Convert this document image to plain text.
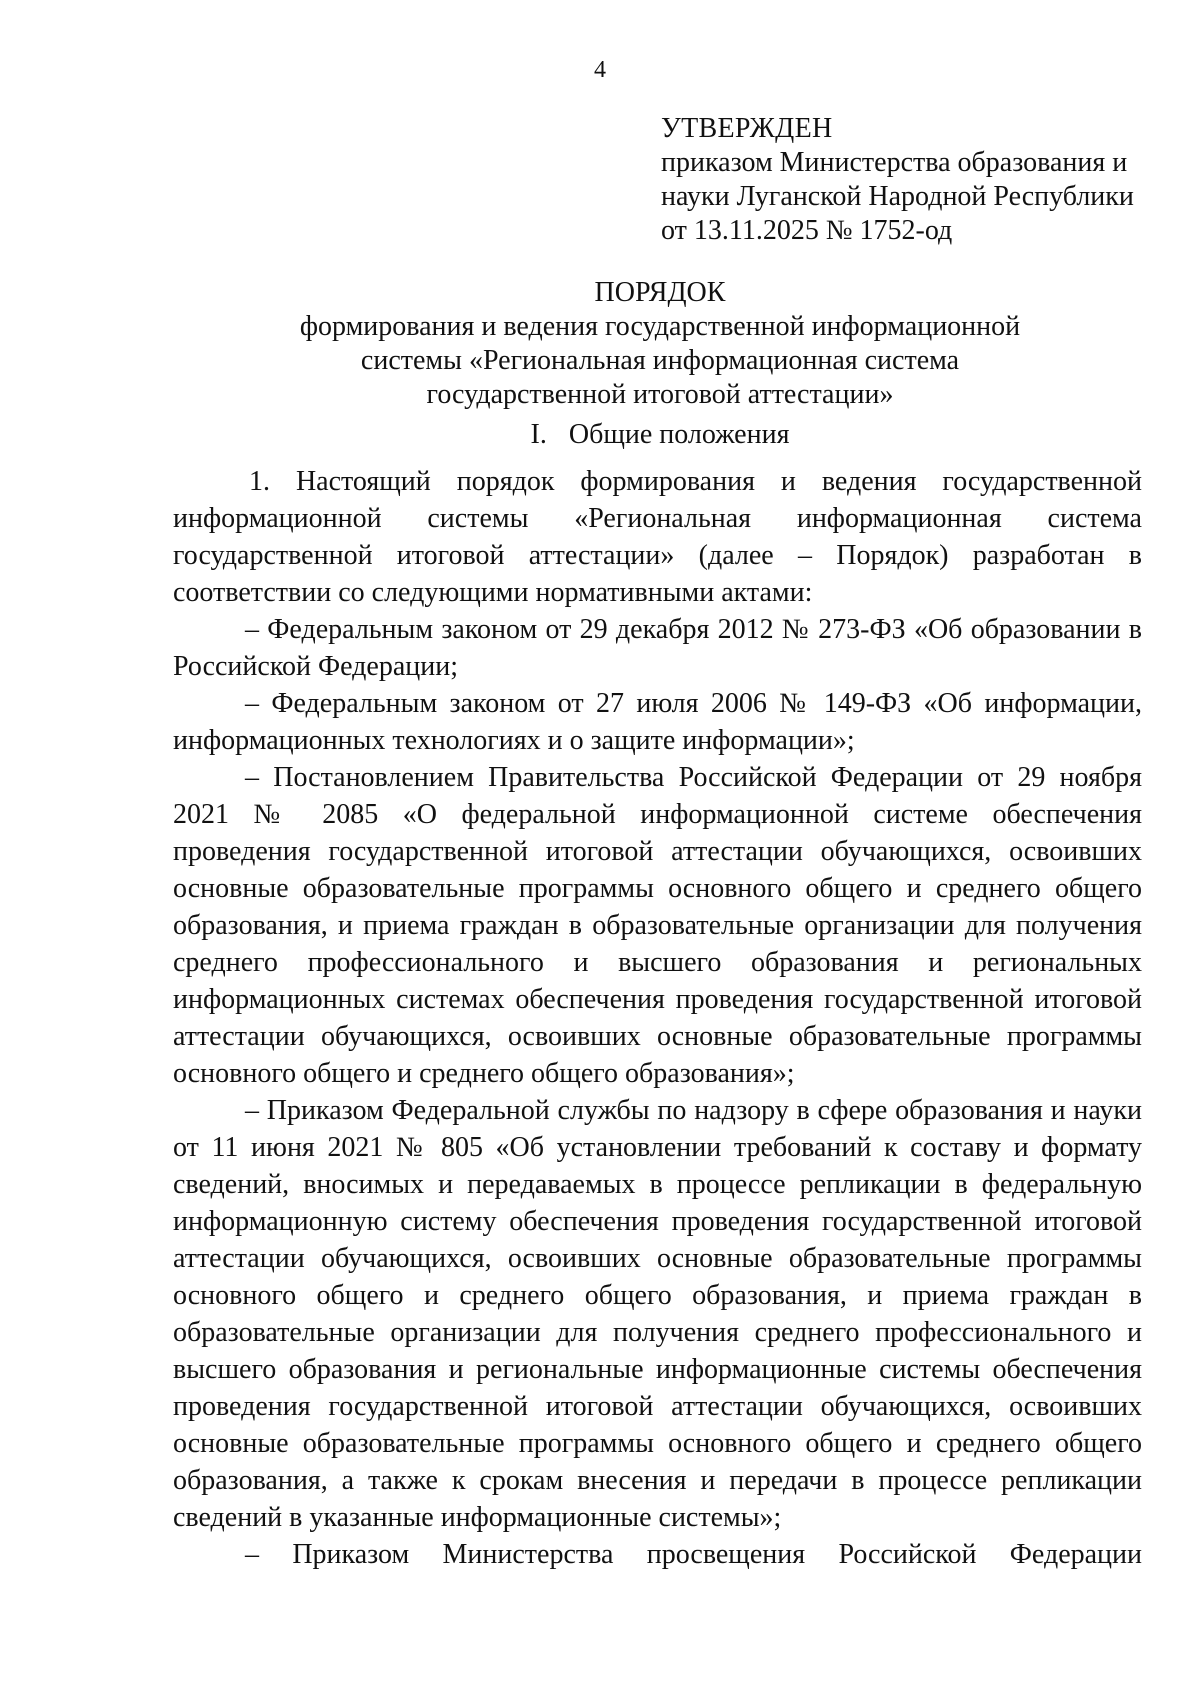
4
УТВЕРЖДЕН
приказом Министерства образования и
науки Луганской Народной Республики
от 13.11.2025 № 1752-од
ПОРЯДОК
формирования и ведения государственной информационной
системы «Региональная информационная система
государственной итоговой аттестации»
I. Общие положения

1. Настоящий порядок формирования и ведения государственной информационной системы «Региональная информационная система государственной итоговой аттестации» (далее – Порядок) разработан в соответствии со следующими нормативными актами:

– Федеральным законом от 29 декабря 2012 № 273-ФЗ «Об образовании в Российской Федерации;

– Федеральным законом от 27 июля 2006 № 149-ФЗ «Об информации, информационных технологиях и о защите информации»;

– Постановлением Правительства Российской Федерации от 29 ноября 2021 № 2085 «О федеральной информационной системе обеспечения проведения государственной итоговой аттестации обучающихся, освоивших основные образовательные программы основного общего и среднего общего образования, и приема граждан в образовательные организации для получения среднего профессионального и высшего образования и региональных информационных системах обеспечения проведения государственной итоговой аттестации обучающихся, освоивших основные образовательные программы основного общего и среднего общего образования»;

– Приказом Федеральной службы по надзору в сфере образования и науки от 11 июня 2021 № 805 «Об установлении требований к составу и формату сведений, вносимых и передаваемых в процессе репликации в федеральную информационную систему обеспечения проведения государственной итоговой аттестации обучающихся, освоивших основные образовательные программы основного общего и среднего общего образования, и приема граждан в образовательные организации для получения среднего профессионального и высшего образования и региональные информационные системы обеспечения проведения государственной итоговой аттестации обучающихся, освоивших основные образовательные программы основного общего и среднего общего образования, а также к срокам внесения и передачи в процессе репликации сведений в указанные информационные системы»;

– Приказом Министерства просвещения Российской Федерации
